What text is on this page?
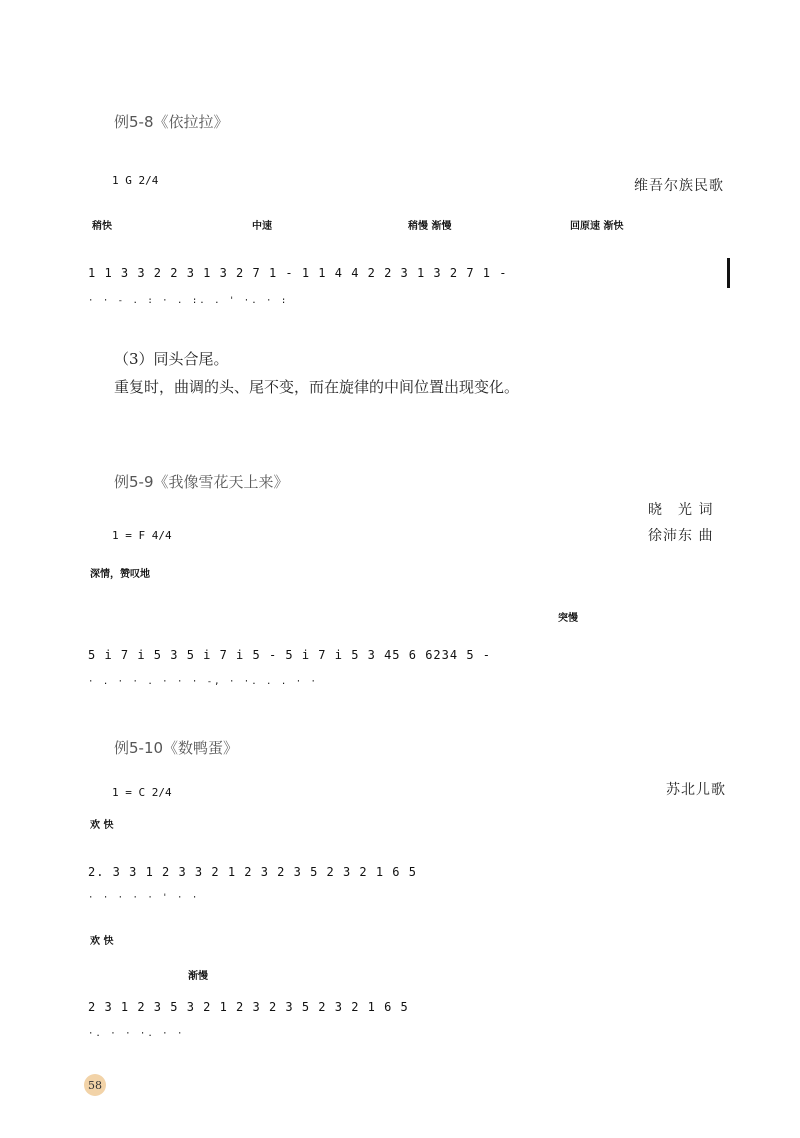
例5-8《依拉拉》
1 G 2/4	维吾尔族民歌
稍快	中速	稍慢 渐慢	回原速 渐快
1 1 3 3 2 2 3 1 3 2 7 1 - 1 1 4 4 2 2 3 1 3 2 7 1 -
· · - . : · . :. . ' ·. · :
（3）同头合尾。
重复时，曲调的头、尾不变，而在旋律的中间位置出现变化。
例5-9《我像雪花天上来》
晓　光 词
徐沛东 曲
1 = F 4/4
深情，赞叹地
突慢
5 i 7 i 5 3 5 i 7 i 5 - 5 i 7 i 5 3 45 6 6234 5 -
· . · · . · · · -, · ·. . . · ·
例5-10《数鸭蛋》
1 = C 2/4	苏北儿歌
欢 快
2. 3 3 1 2 3 3 2 1 2 3 2 3 5 2 3 2 1 6 5
· · · · · ' · ·
欢 快
渐慢
2 3 1 2 3 5 3 2 1 2 3 2 3 5 2 3 2 1 6 5
·. · · ·. · ·
58
